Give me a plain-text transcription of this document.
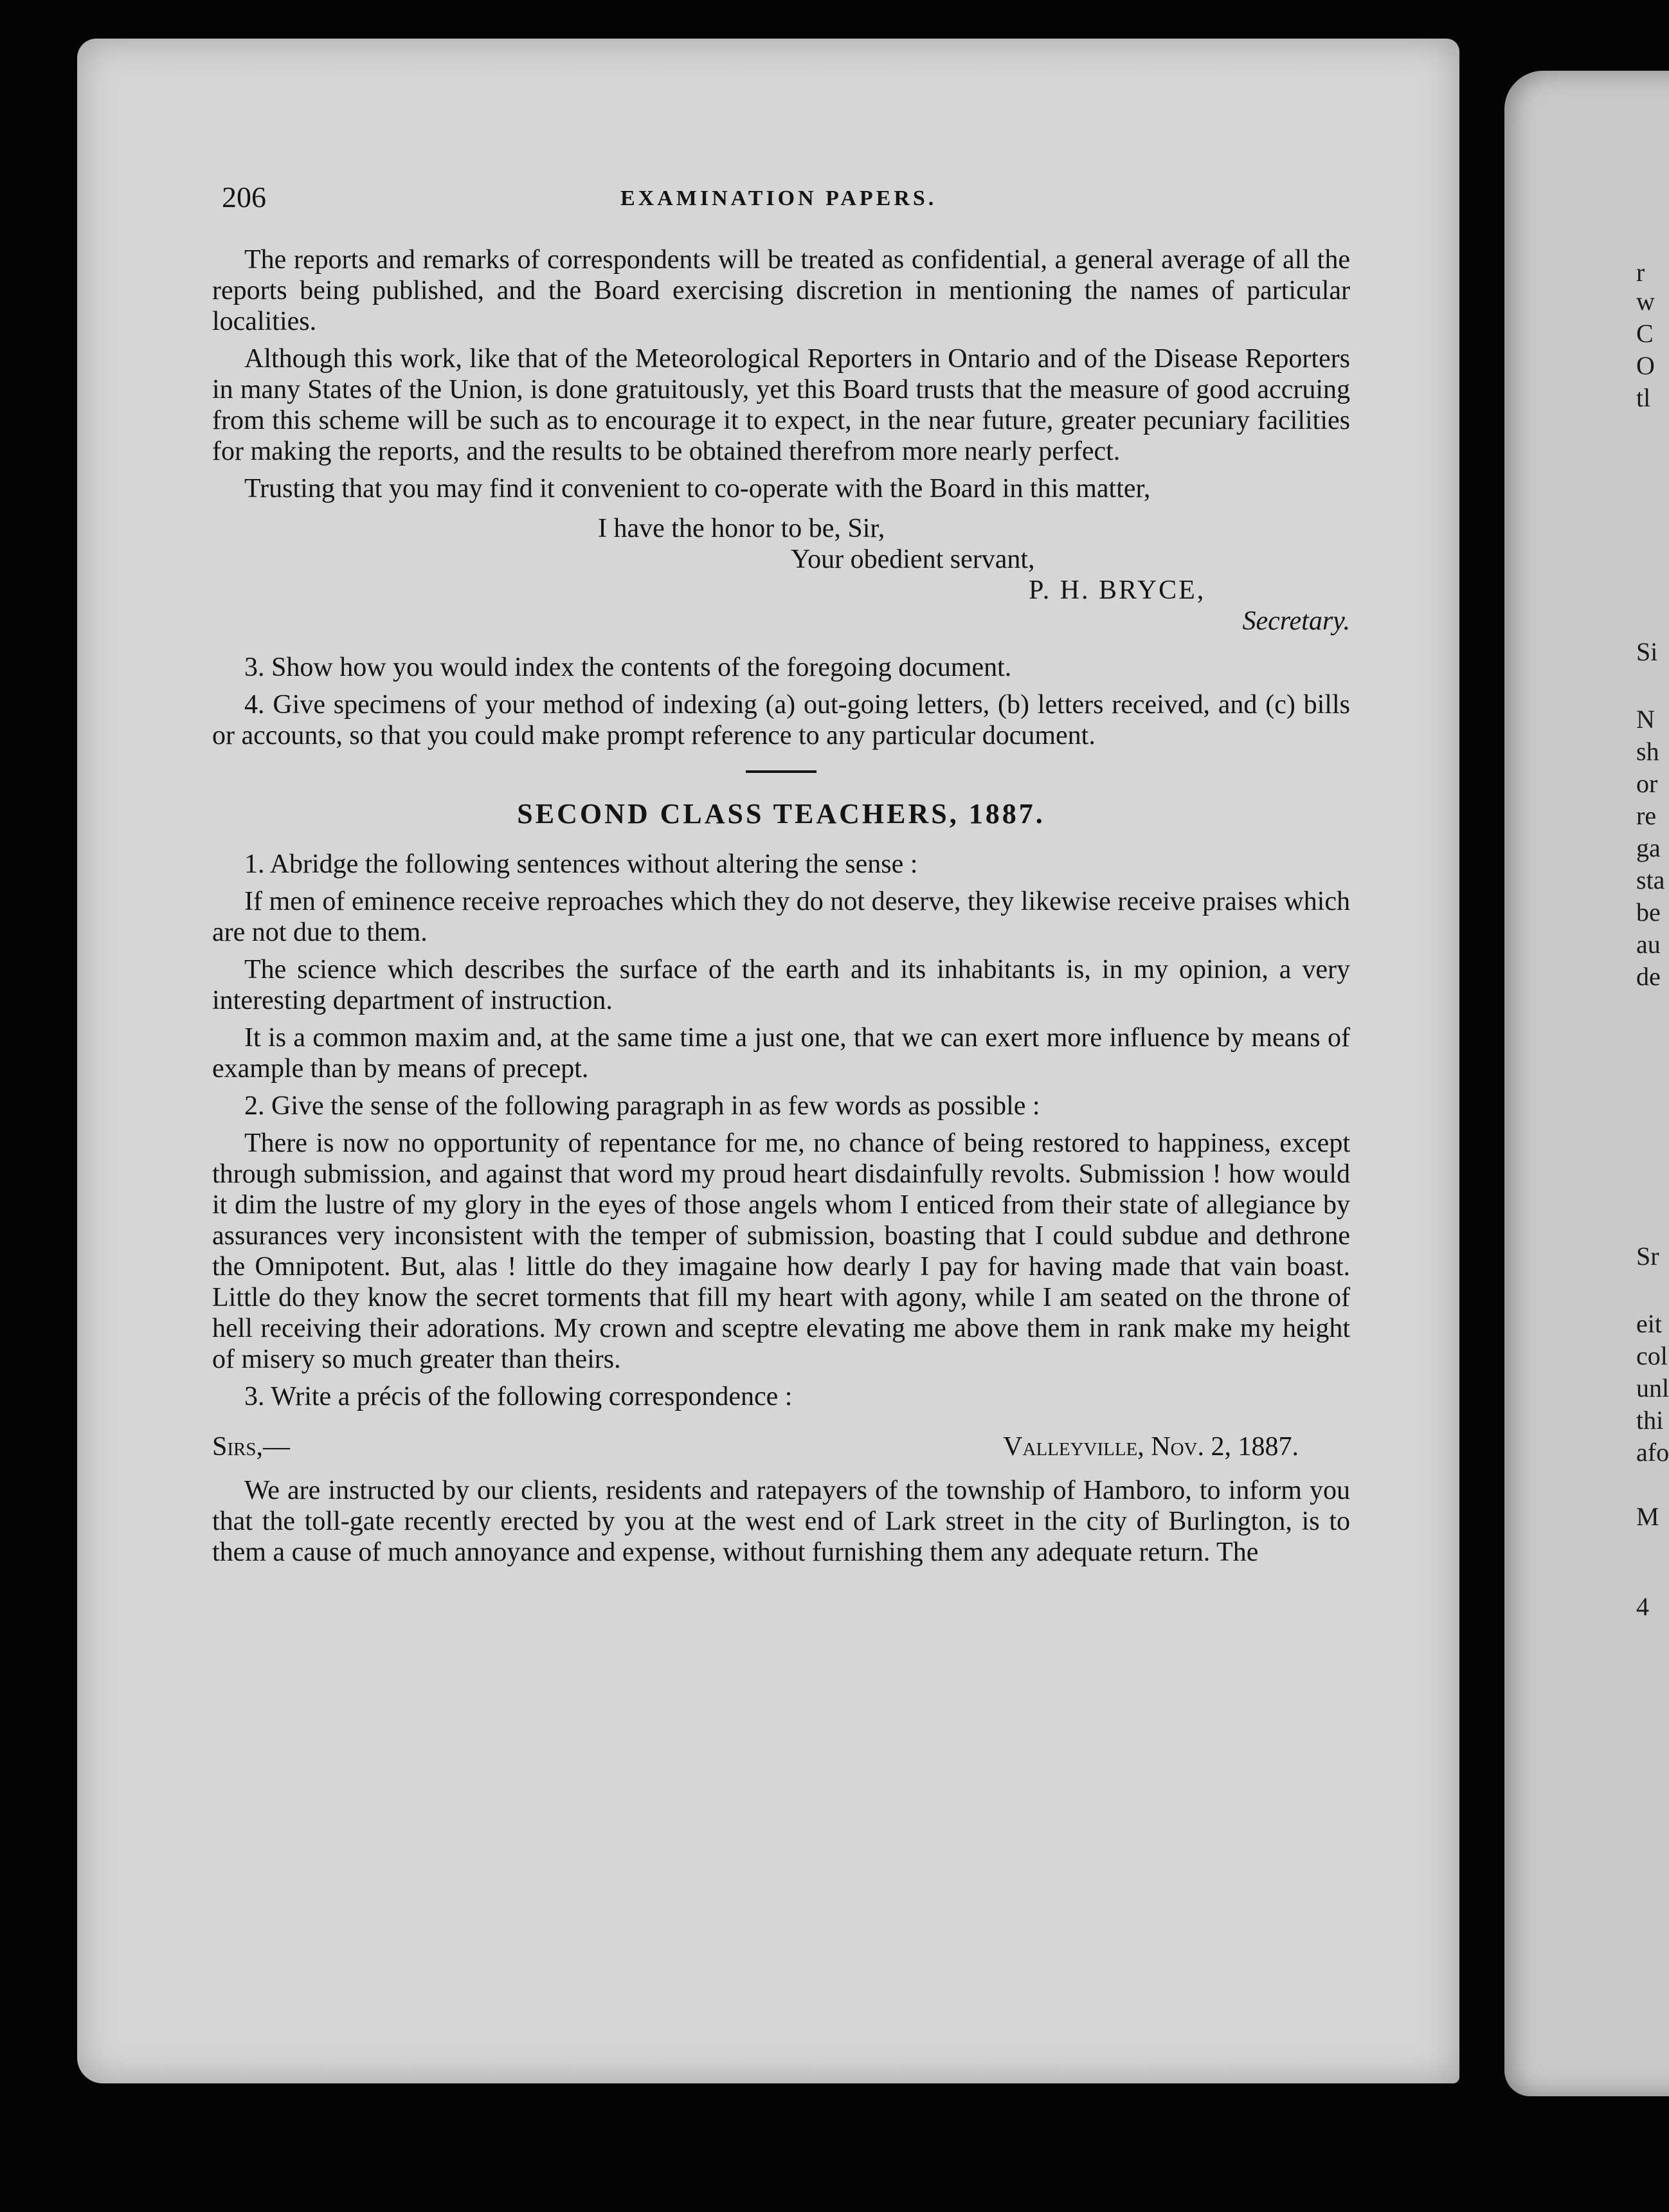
206	EXAMINATION PAPERS.

The reports and remarks of correspondents will be treated as confidential, a general average of all the reports being published, and the Board exercising discretion in mentioning the names of particular localities.

Although this work, like that of the Meteorological Reporters in Ontario and of the Disease Reporters in many States of the Union, is done gratuitously, yet this Board trusts that the measure of good accruing from this scheme will be such as to encourage it to expect, in the near future, greater pecuniary facilities for making the reports, and the results to be obtained therefrom more nearly perfect.

Trusting that you may find it convenient to co-operate with the Board in this matter,

I have the honor to be, Sir,

Your obedient servant,

P. H. BRYCE,

Secretary.

3. Show how you would index the contents of the foregoing document.

4. Give specimens of your method of indexing (a) out-going letters, (b) letters received, and (c) bills or accounts, so that you could make prompt reference to any particular document.

SECOND CLASS TEACHERS, 1887.

1. Abridge the following sentences without altering the sense :

If men of eminence receive reproaches which they do not deserve, they likewise receive praises which are not due to them.

The science which describes the surface of the earth and its inhabitants is, in my opinion, a very interesting department of instruction.

It is a common maxim and, at the same time a just one, that we can exert more influence by means of example than by means of precept.

2. Give the sense of the following paragraph in as few words as possible :

There is now no opportunity of repentance for me, no chance of being restored to happiness, except through submission, and against that word my proud heart disdainfully revolts. Submission ! how would it dim the lustre of my glory in the eyes of those angels whom I enticed from their state of allegiance by assurances very inconsistent with the temper of submission, boasting that I could subdue and dethrone the Omnipotent. But, alas ! little do they imagaine how dearly I pay for having made that vain boast. Little do they know the secret torments that fill my heart with agony, while I am seated on the throne of hell receiving their adorations. My crown and sceptre elevating me above them in rank make my height of misery so much greater than theirs.

3. Write a précis of the following correspondence :

Sirs,—	Valleyville, Nov. 2, 1887.

We are instructed by our clients, residents and ratepayers of the township of Hamboro, to inform you that the toll-gate recently erected by you at the west end of Lark street in the city of Burlington, is to them a cause of much annoyance and expense, without furnishing them any adequate return. The

r
w
C
O
tl
Si
N
sh
or
re
ga
sta
be
au
de
Sr
eit
col
unl
thi
afo
M
4
